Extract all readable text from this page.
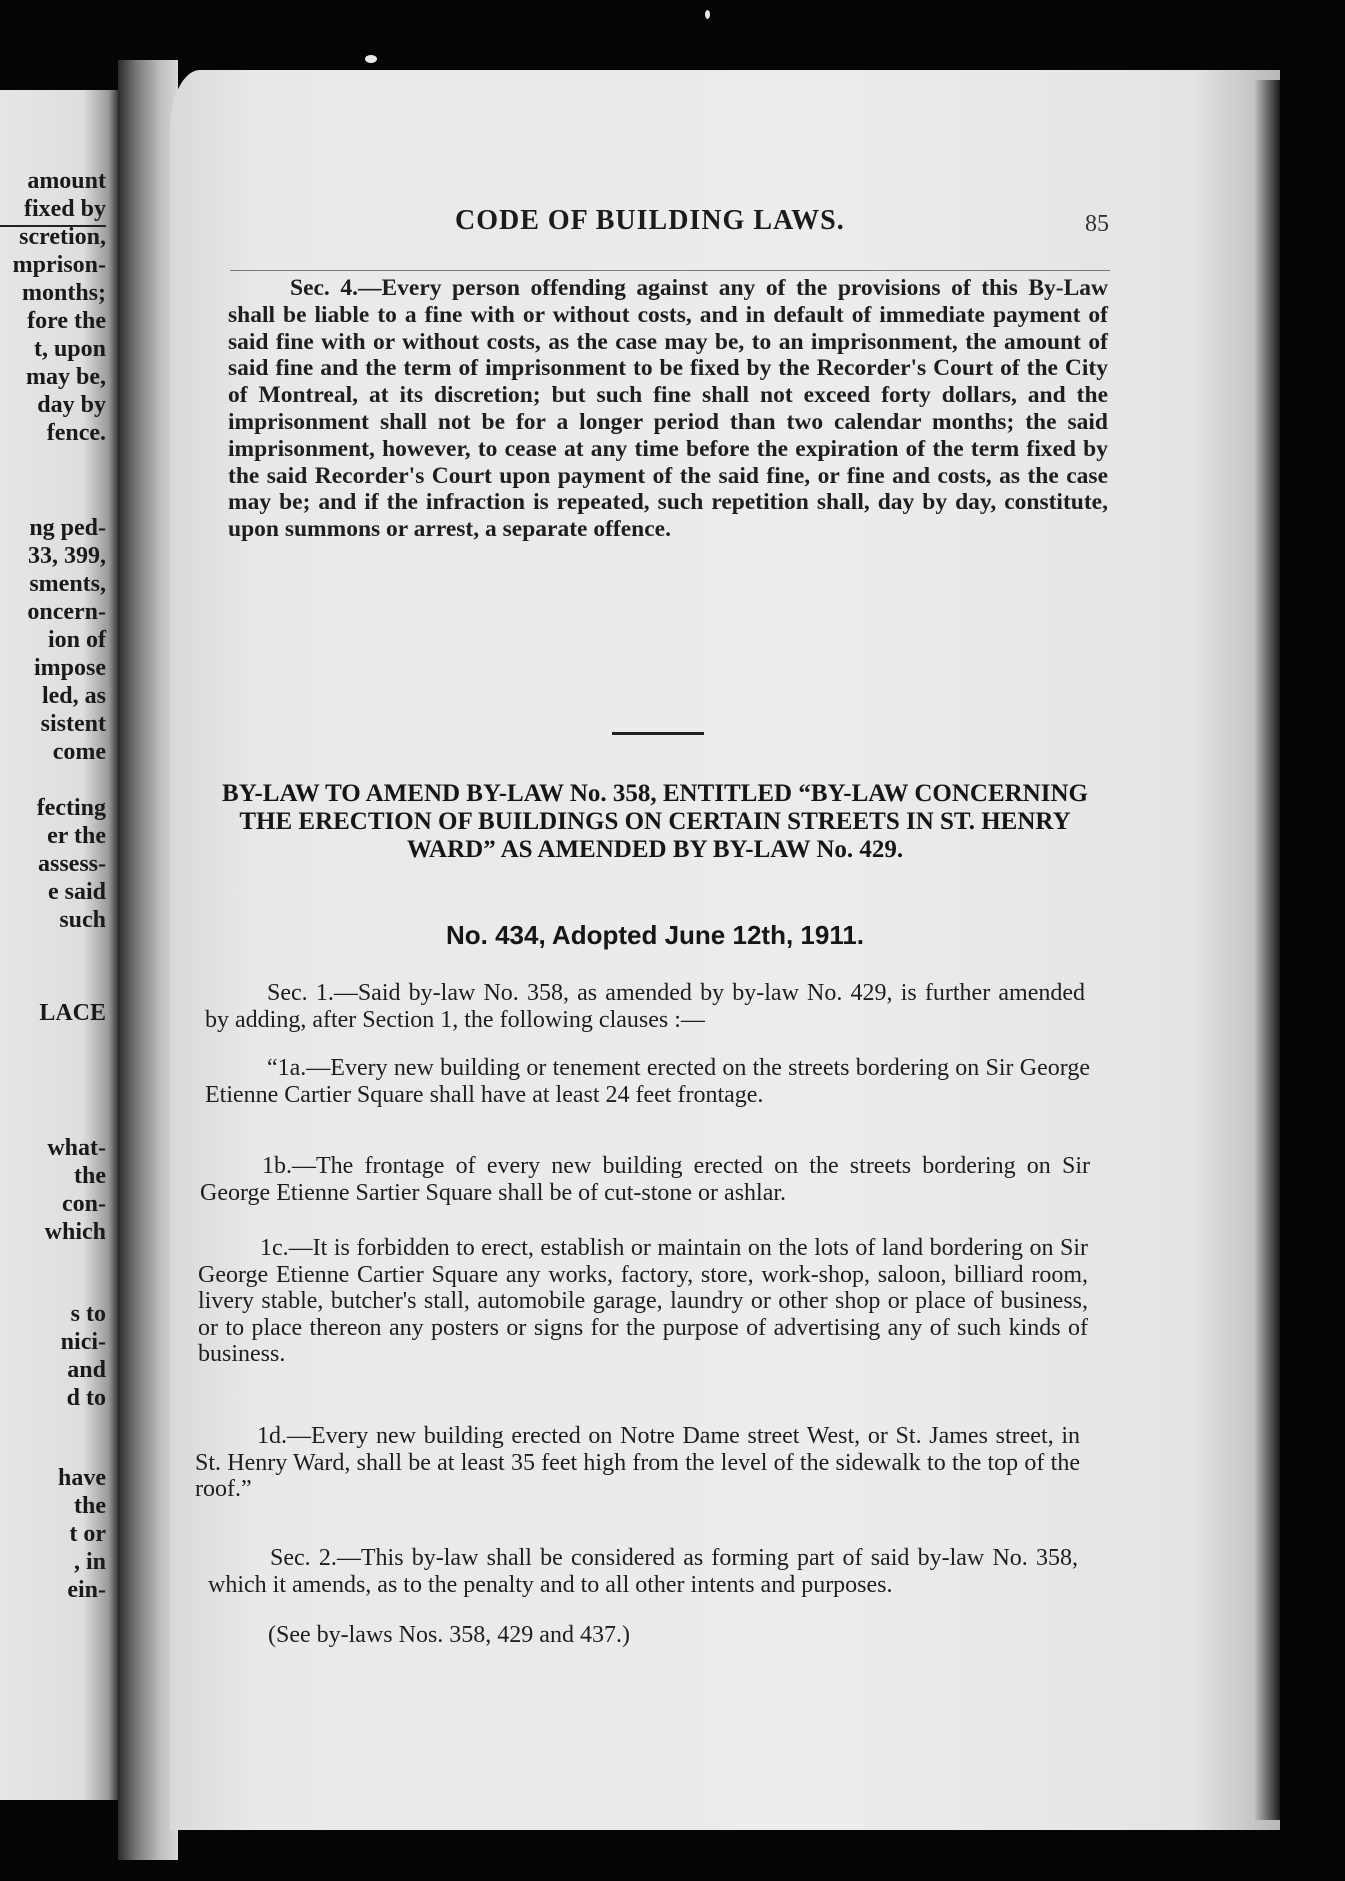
amount

fixed by

scretion,

mprison-

months;

fore the

t, upon

may be,

day by

fence.

ng ped-

33, 399,

sments,

oncern-

ion of

impose

led, as

sistent

come

fecting

er the

assess-

e said

such

LACE

what-

the

con-

which

s to

nici-

and

d to

have

the

t or

, in

ein-

CODE OF BUILDING LAWS.	85

Sec. 4.—Every person offending against any of the provisions of this By-Law shall be liable to a fine with or without costs, and in default of immediate payment of said fine with or without costs, as the case may be, to an imprisonment, the amount of said fine and the term of imprisonment to be fixed by the Recorder's Court of the City of Montreal, at its discretion; but such fine shall not exceed forty dollars, and the imprisonment shall not be for a longer period than two calendar months; the said imprisonment, however, to cease at any time before the expiration of the term fixed by the said Recorder's Court upon payment of the said fine, or fine and costs, as the case may be; and if the infraction is repeated, such repetition shall, day by day, constitute, upon summons or arrest, a separate offence.

BY-LAW TO AMEND BY-LAW No. 358, ENTITLED “BY-LAW CONCERNING THE ERECTION OF BUILDINGS ON CERTAIN STREETS IN ST. HENRY WARD” AS AMENDED BY BY-LAW No. 429.
No. 434, Adopted June 12th, 1911.

Sec. 1.—Said by-law No. 358, as amended by by-law No. 429, is further amended by adding, after Section 1, the following clauses :—

“1a.—Every new building or tenement erected on the streets bordering on Sir George Etienne Cartier Square shall have at least 24 feet frontage.

1b.—The frontage of every new building erected on the streets bordering on Sir George Etienne Sartier Square shall be of cut-stone or ashlar.

1c.—It is forbidden to erect, establish or maintain on the lots of land bordering on Sir George Etienne Cartier Square any works, factory, store, work-shop, saloon, billiard room, livery stable, butcher's stall, automobile garage, laundry or other shop or place of business, or to place thereon any posters or signs for the purpose of advertising any of such kinds of business.

1d.—Every new building erected on Notre Dame street West, or St. James street, in St. Henry Ward, shall be at least 35 feet high from the level of the sidewalk to the top of the roof.”

Sec. 2.—This by-law shall be considered as forming part of said by-law No. 358, which it amends, as to the penalty and to all other intents and purposes.

(See by-laws Nos. 358, 429 and 437.)
